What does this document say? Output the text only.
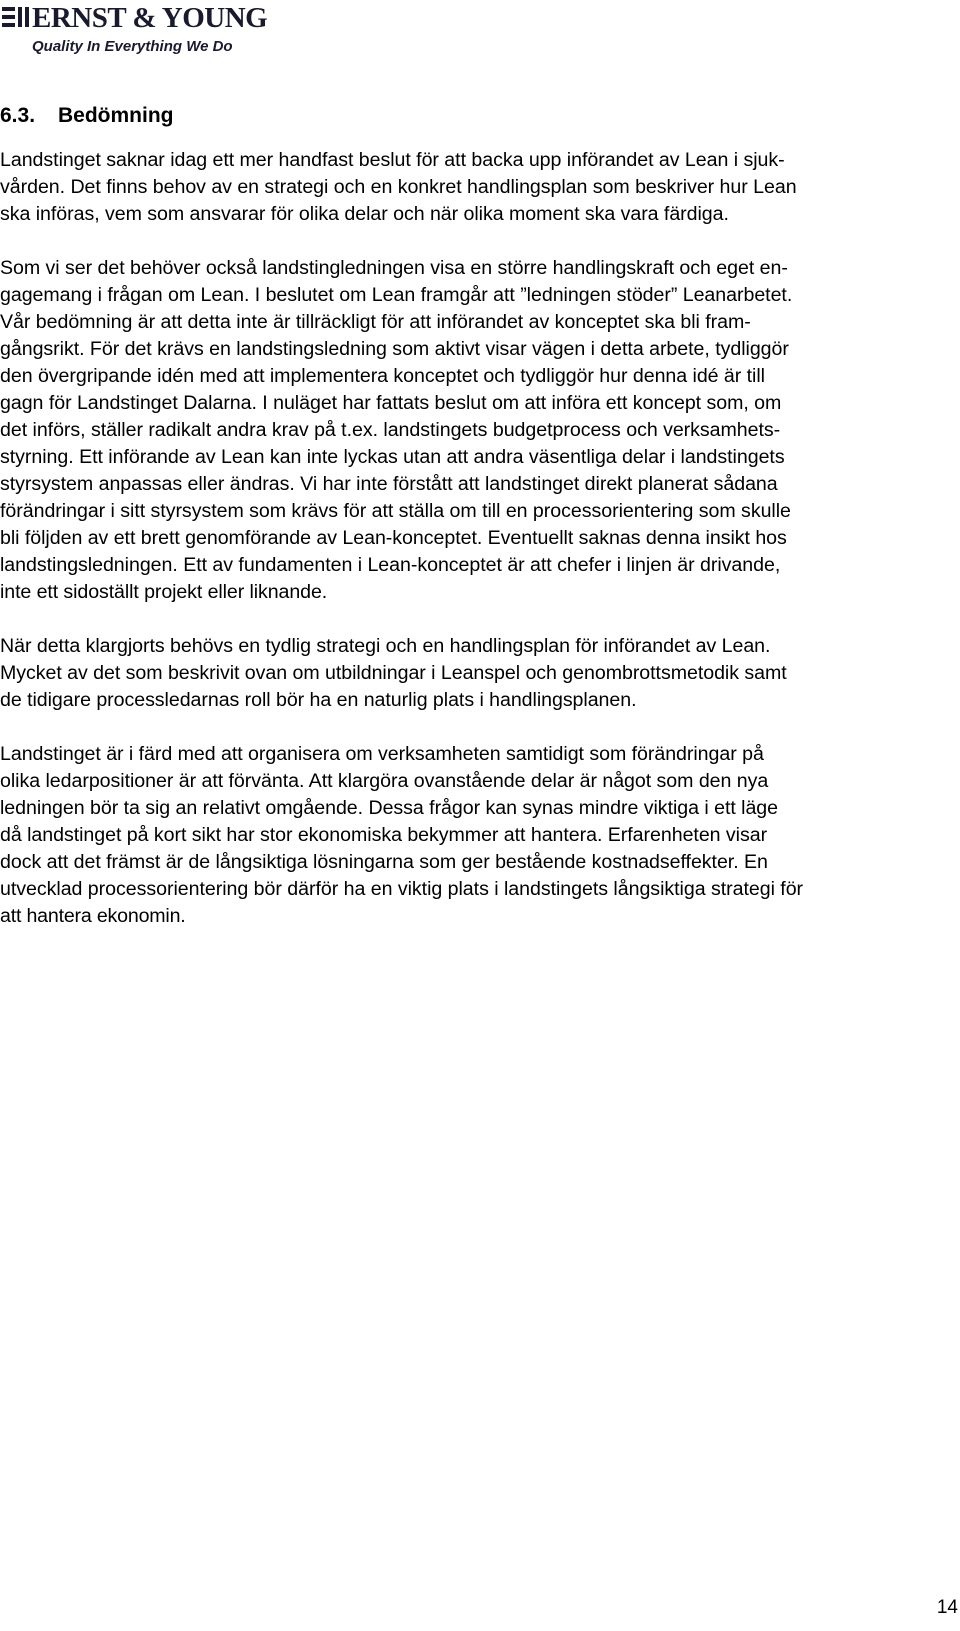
ERNST & YOUNG
Quality In Everything We Do
6.3. Bedömning

Landstinget saknar idag ett mer handfast beslut för att backa upp införandet av Lean i sjuk-
vården. Det finns behov av en strategi och en konkret handlingsplan som beskriver hur Lean
ska införas, vem som ansvarar för olika delar och när olika moment ska vara färdiga.

Som vi ser det behöver också landstingledningen visa en större handlingskraft och eget en-
gagemang i frågan om Lean. I beslutet om Lean framgår att ”ledningen stöder” Leanarbetet.
Vår bedömning är att detta inte är tillräckligt för att införandet av konceptet ska bli fram-
gångsrikt. För det krävs en landstingsledning som aktivt visar vägen i detta arbete, tydliggör
den övergripande idén med att implementera konceptet och tydliggör hur denna idé är till
gagn för Landstinget Dalarna. I nuläget har fattats beslut om att införa ett koncept som, om
det införs, ställer radikalt andra krav på t.ex. landstingets budgetprocess och verksamhets-
styrning. Ett införande av Lean kan inte lyckas utan att andra väsentliga delar i landstingets
styrsystem anpassas eller ändras. Vi har inte förstått att landstinget direkt planerat sådana
förändringar i sitt styrsystem som krävs för att ställa om till en processorientering som skulle
bli följden av ett brett genomförande av Lean-konceptet. Eventuellt saknas denna insikt hos
landstingsledningen. Ett av fundamenten i Lean-konceptet är att chefer i linjen är drivande,
inte ett sidoställt projekt eller liknande.

När detta klargjorts behövs en tydlig strategi och en handlingsplan för införandet av Lean.
Mycket av det som beskrivit ovan om utbildningar i Leanspel och genombrottsmetodik samt
de tidigare processledarnas roll bör ha en naturlig plats i handlingsplanen.

Landstinget är i färd med att organisera om verksamheten samtidigt som förändringar på
olika ledarpositioner är att förvänta. Att klargöra ovanstående delar är något som den nya
ledningen bör ta sig an relativt omgående. Dessa frågor kan synas mindre viktiga i ett läge
då landstinget på kort sikt har stor ekonomiska bekymmer att hantera. Erfarenheten visar
dock att det främst är de långsiktiga lösningarna som ger bestående kostnadseffekter. En
utvecklad processorientering bör därför ha en viktig plats i landstingets långsiktiga strategi för
att hantera ekonomin.

14
